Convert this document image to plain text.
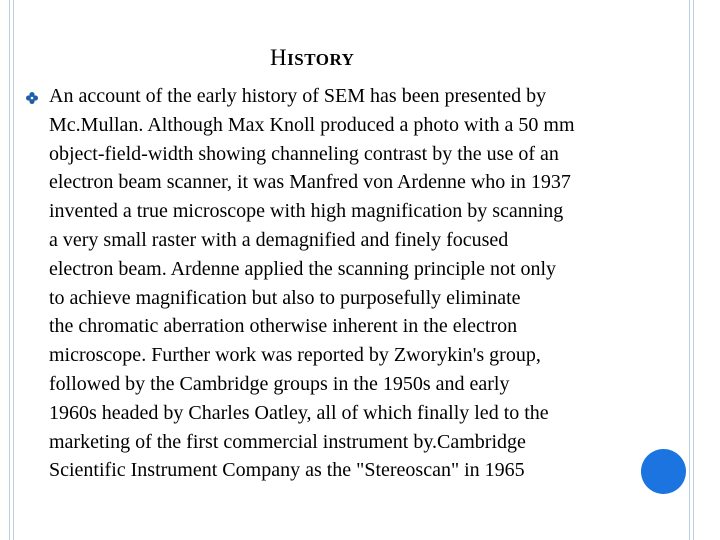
HISTORY

An account of the early history of SEM has been presented by
Mc.Mullan. Although Max Knoll produced a photo with a 50 mm
object-field-width showing channeling contrast by the use of an
electron beam scanner, it was Manfred von Ardenne who in 1937
invented a true microscope with high magnification by scanning
a very small raster with a demagnified and finely focused
electron beam. Ardenne applied the scanning principle not only
to achieve magnification but also to purposefully eliminate
the chromatic aberration otherwise inherent in the electron
microscope. Further work was reported by Zworykin's group,
followed by the Cambridge groups in the 1950s and early
1960s headed by Charles Oatley, all of which finally led to the
marketing of the first commercial instrument by.Cambridge
Scientific Instrument Company as the "Stereoscan" in 1965
